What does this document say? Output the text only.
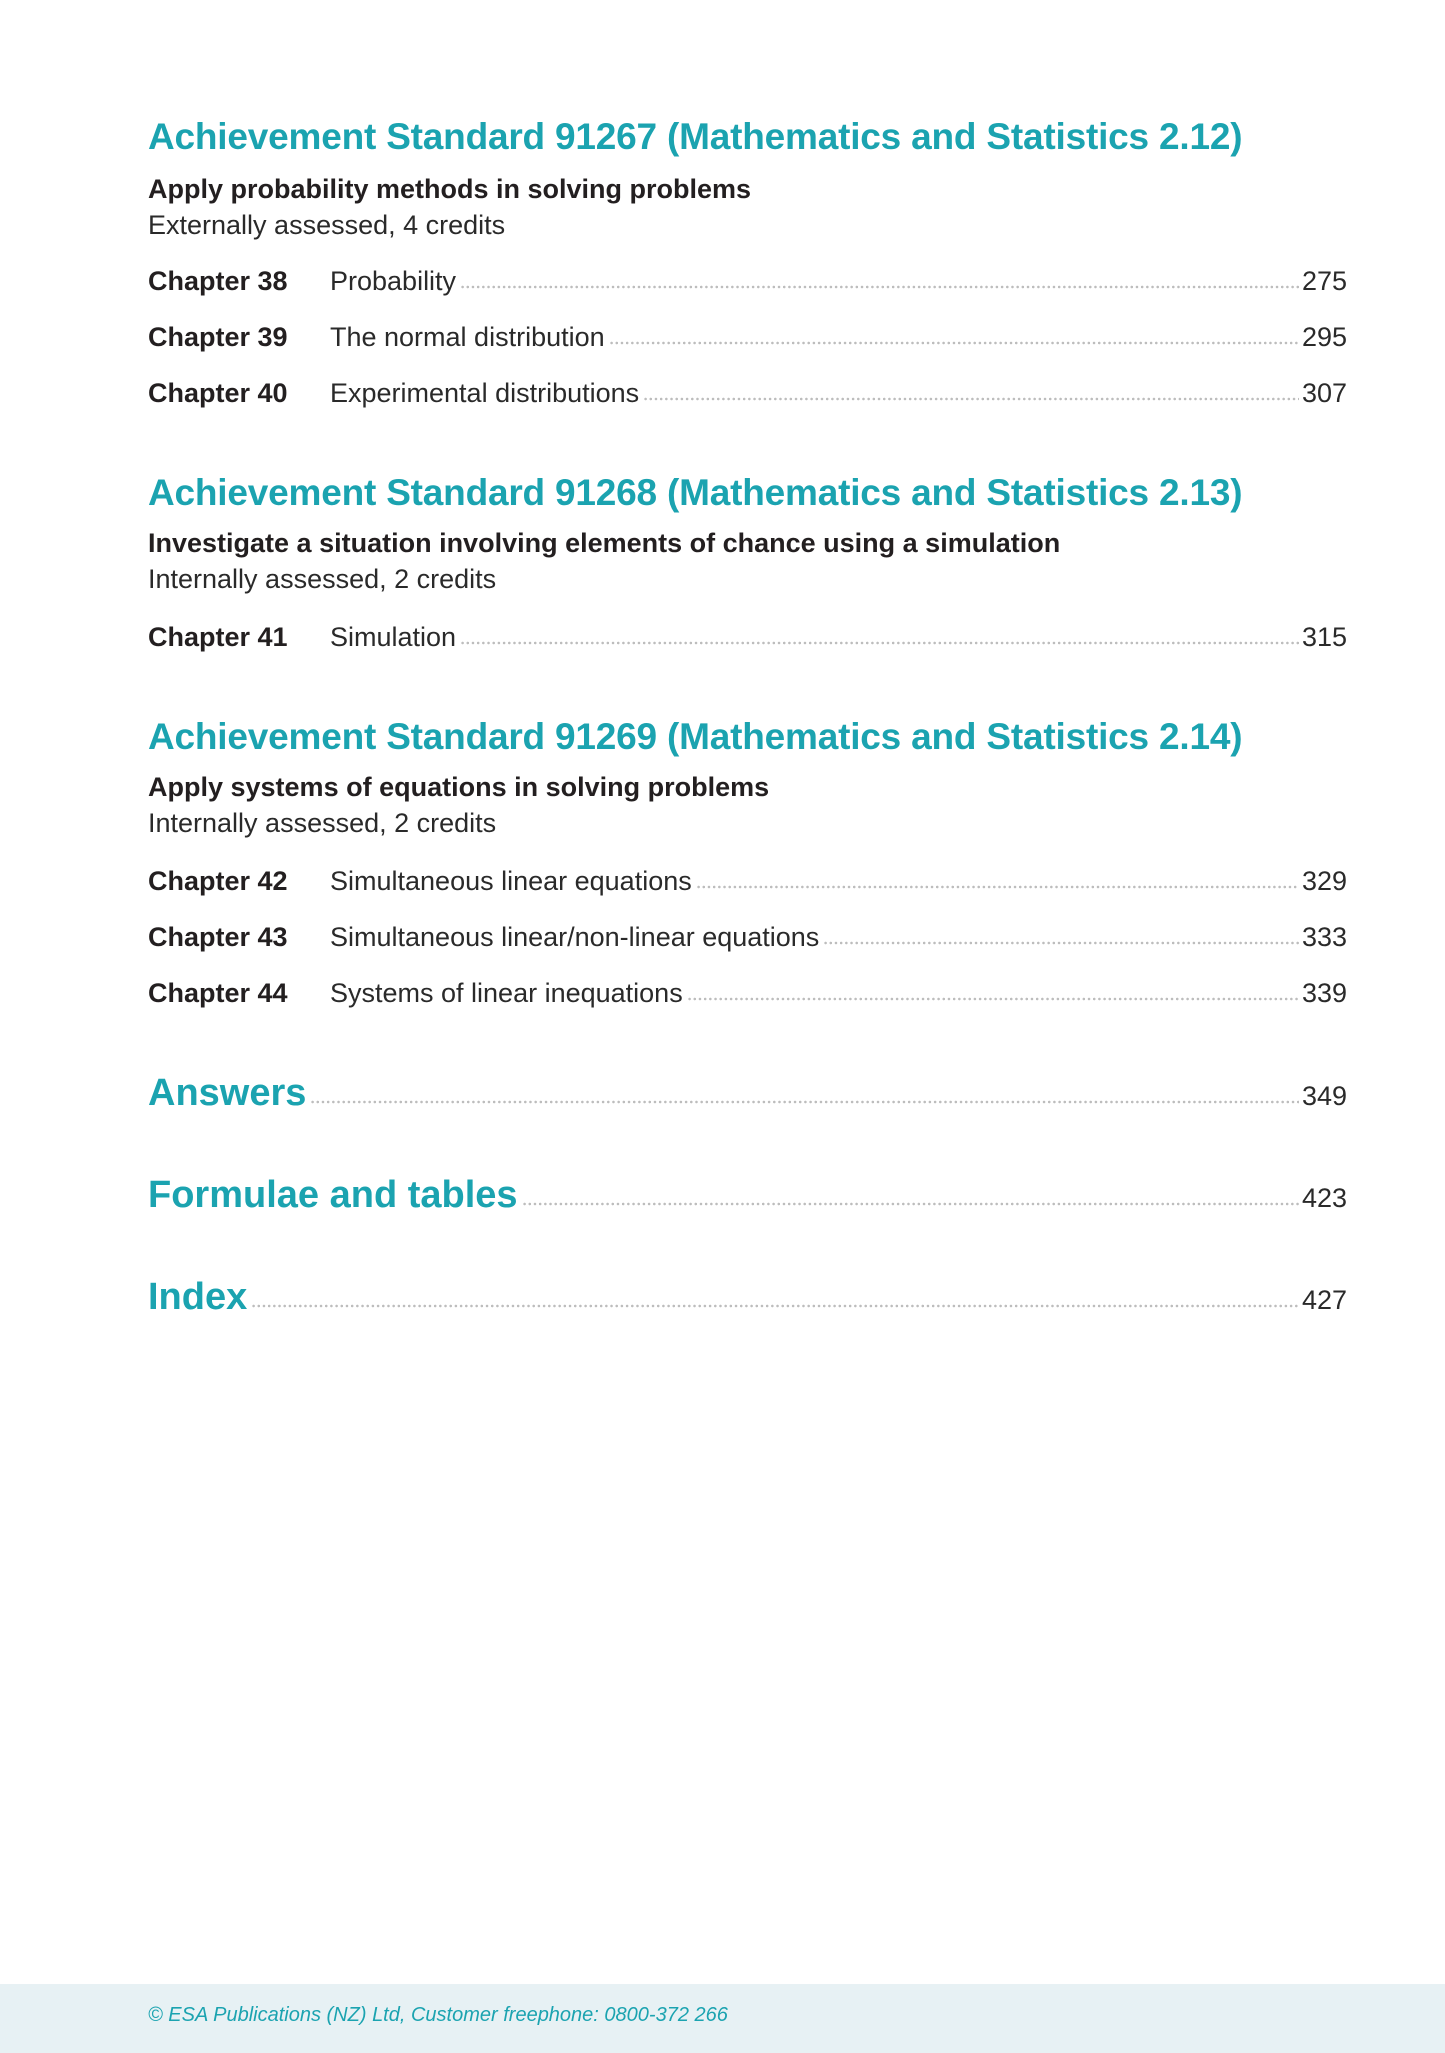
Achievement Standard 91267 (Mathematics and Statistics 2.12)
Apply probability methods in solving problems
Externally assessed, 4 credits
Chapter 38	Probability	275
Chapter 39	The normal distribution	295
Chapter 40	Experimental distributions	307
Achievement Standard 91268 (Mathematics and Statistics 2.13)
Investigate a situation involving elements of chance using a simulation
Internally assessed, 2 credits
Chapter 41	Simulation	315
Achievement Standard 91269 (Mathematics and Statistics 2.14)
Apply systems of equations in solving problems
Internally assessed, 2 credits
Chapter 42	Simultaneous linear equations	329
Chapter 43	Simultaneous linear/non-linear equations	333
Chapter 44	Systems of linear inequations	339
Answers	349
Formulae and tables	423
Index	427
© ESA Publications (NZ) Ltd, Customer freephone: 0800-372 266
